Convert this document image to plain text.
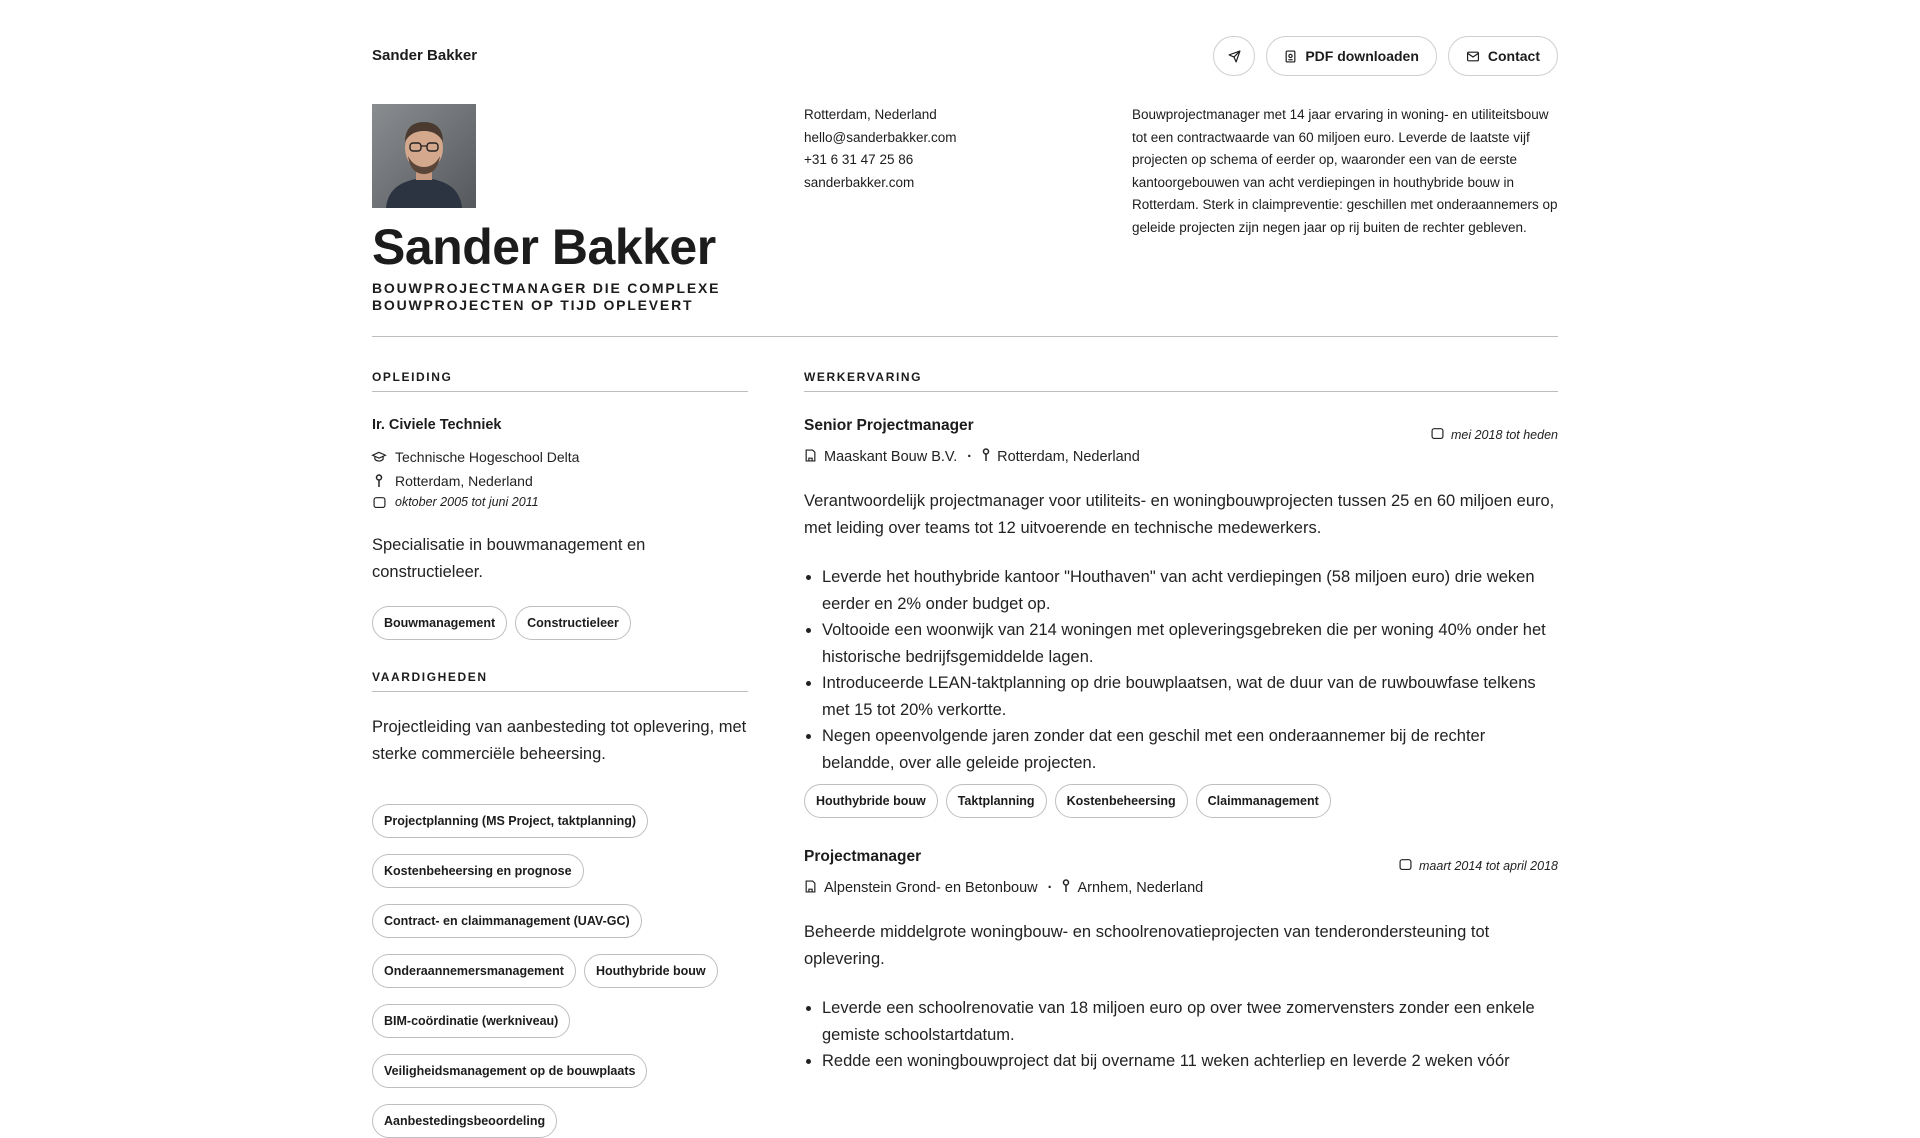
Sander Bakker	PDF downloaden	Contact
Sander Bakker
BOUWPROJECTMANAGER DIE COMPLEXE BOUWPROJECTEN OP TIJD OPLEVERT
Rotterdam, Nederland
hello@sanderbakker.com
+31 6 31 47 25 86
sanderbakker.com
Bouwprojectmanager met 14 jaar ervaring in woning- en utiliteitsbouw tot een contractwaarde van 60 miljoen euro. Leverde de laatste vijf projecten op schema of eerder op, waaronder een van de eerste kantoorgebouwen van acht verdiepingen in houthybride bouw in Rotterdam. Sterk in claimpreventie: geschillen met onderaannemers op geleide projecten zijn negen jaar op rij buiten de rechter gebleven.
OPLEIDING
Ir. Civiele Techniek
Technische Hogeschool Delta
Rotterdam, Nederland
oktober 2005 tot juni 2011
Specialisatie in bouwmanagement en constructieleer.
Bouwmanagement	Constructieleer
VAARDIGHEDEN
Projectleiding van aanbesteding tot oplevering, met sterke commerciële beheersing.
Projectplanning (MS Project, taktplanning)
Kostenbeheersing en prognose
Contract- en claimmanagement (UAV-GC)
Onderaannemersmanagement	Houthybride bouw
BIM-coördinatie (werkniveau)
Veiligheidsmanagement op de bouwplaats
Aanbestedingsbeoordeling
WERKERVARING
Senior Projectmanager
mei 2018 tot heden
Maaskant Bouw B.V. · Rotterdam, Nederland
Verantwoordelijk projectmanager voor utiliteits- en woningbouwprojecten tussen 25 en 60 miljoen euro, met leiding over teams tot 12 uitvoerende en technische medewerkers.
Leverde het houthybride kantoor "Houthaven" van acht verdiepingen (58 miljoen euro) drie weken eerder en 2% onder budget op.
Voltooide een woonwijk van 214 woningen met opleveringsgebreken die per woning 40% onder het historische bedrijfsgemiddelde lagen.
Introduceerde LEAN-taktplanning op drie bouwplaatsen, wat de duur van de ruwbouwfase telkens met 15 tot 20% verkortte.
Negen opeenvolgende jaren zonder dat een geschil met een onderaannemer bij de rechter belandde, over alle geleide projecten.
Houthybride bouw	Taktplanning	Kostenbeheersing	Claimmanagement
Projectmanager
maart 2014 tot april 2018
Alpenstein Grond- en Betonbouw · Arnhem, Nederland
Beheerde middelgrote woningbouw- en schoolrenovatieprojecten van tenderondersteuning tot oplevering.
Leverde een schoolrenovatie van 18 miljoen euro op over twee zomervensters zonder een enkele gemiste schoolstartdatum.
Redde een woningbouwproject dat bij overname 11 weken achterliep en leverde 2 weken vóór
